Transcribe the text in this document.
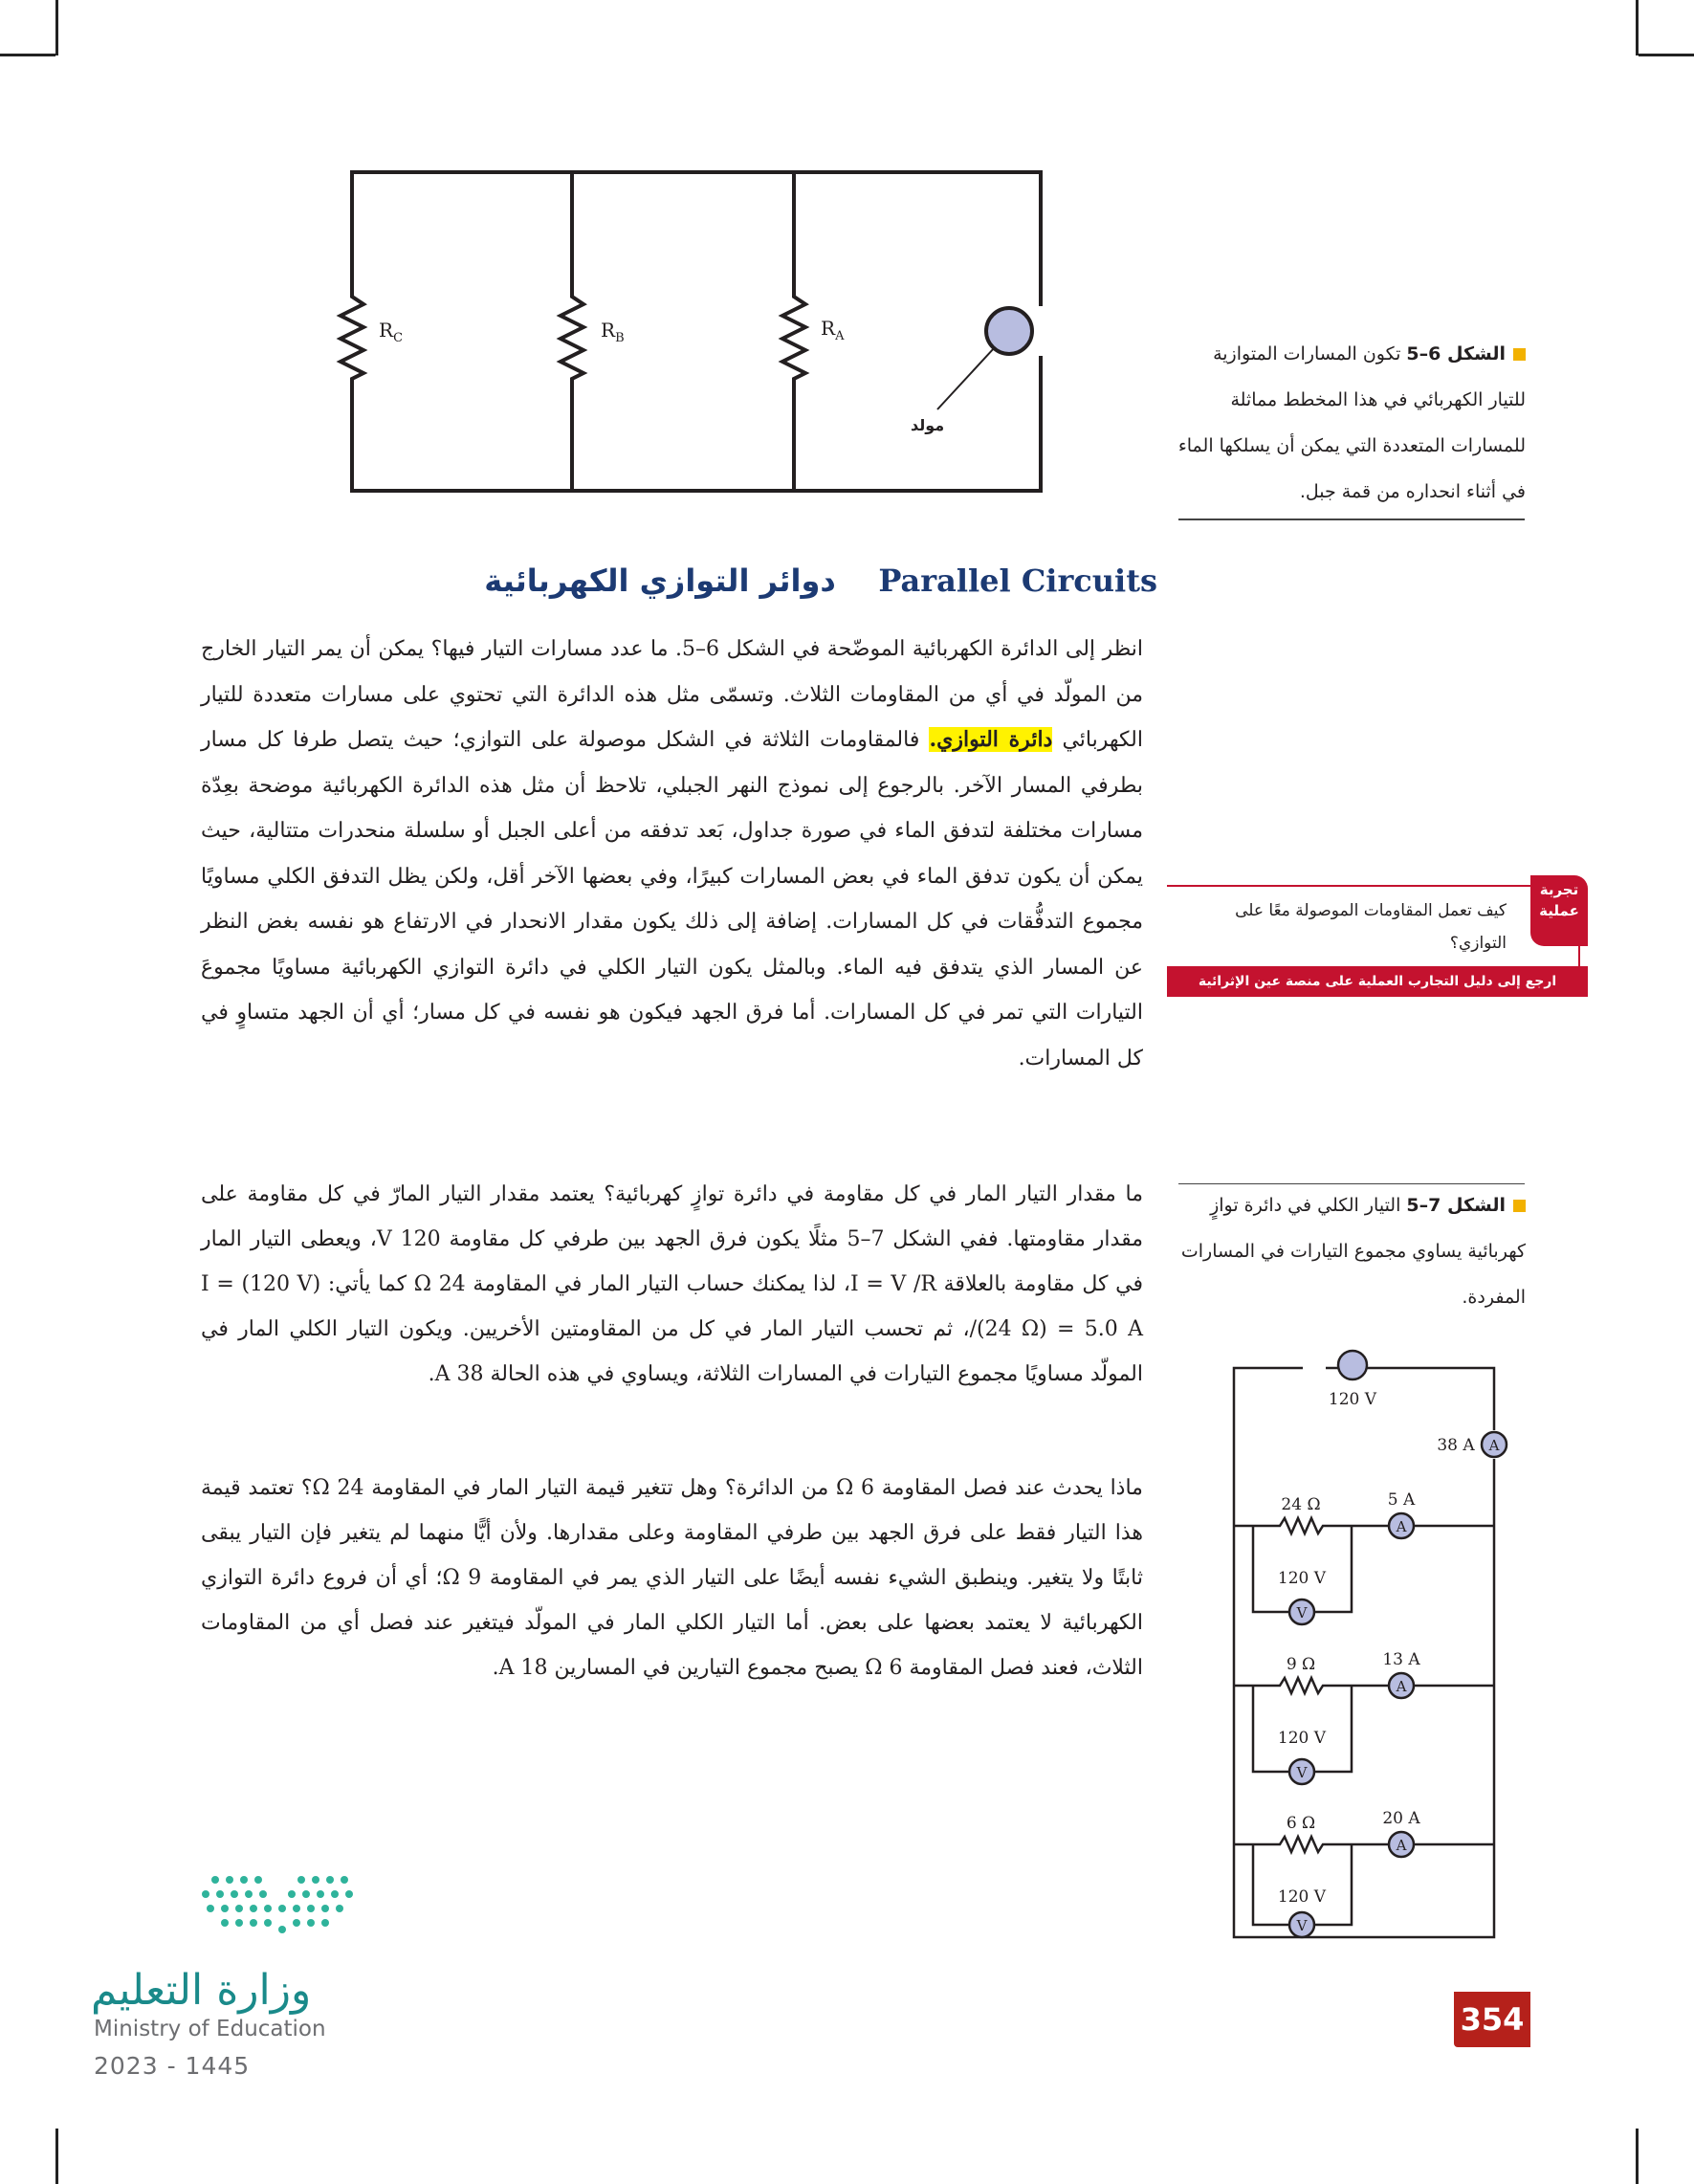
$R_C$	$R_B$	$R_A$
مولد
الشكل 6–5 تكون المسارات المتوازية للتيار الكهربائي في هذا المخطط مماثلة للمسارات المتعددة التي يمكن أن يسلكها الماء في أثناء انحداره من قمة جبل.
دوائر التوازي الكهربائية Parallel Circuits
انظر إلى الدائرة الكهربائية الموضّحة في الشكل 6–5. ما عدد مسارات التيار فيها؟ يمكن أن يمر التيار الخارج من المولّد في أي من المقاومات الثلاث. وتسمّى مثل هذه الدائرة التي تحتوي على مسارات متعددة للتيار الكهربائي دائرة التوازي. فالمقاومات الثلاثة في الشكل موصولة على التوازي؛ حيث يتصل طرفا كل مسار بطرفي المسار الآخر. بالرجوع إلى نموذج النهر الجبلي، تلاحظ أن مثل هذه الدائرة الكهربائية موضحة بعِدّة مسارات مختلفة لتدفق الماء في صورة جداول، بَعد تدفقه من أعلى الجبل أو سلسلة منحدرات متتالية، حيث يمكن أن يكون تدفق الماء في بعض المسارات كبيرًا، وفي بعضها الآخر أقل، ولكن يظل التدفق الكلي مساويًا مجموع التدفُّقات في كل المسارات. إضافة إلى ذلك يكون مقدار الانحدار في الارتفاع هو نفسه بغض النظر عن المسار الذي يتدفق فيه الماء. وبالمثل يكون التيار الكلي في دائرة التوازي الكهربائية مساويًا مجموعَ التيارات التي تمر في كل المسارات. أما فرق الجهد فيكون هو نفسه في كل مسار؛ أي أن الجهد متساوٍ في كل المسارات.
كيف تعمل المقاومات الموصولة معًا على التوازي؟
تجربة عملية
ارجع إلى دليل التجارب العملية على منصة عين الإثرائية
الشكل 7–5 التيار الكلي في دائرة توازٍ كهربائية يساوي مجموع التيارات في المسارات المفردة.
ما مقدار التيار المار في كل مقاومة في دائرة توازٍ كهربائية؟ يعتمد مقدار التيار المارّ في كل مقاومة على مقدار مقاومتها. ففي الشكل 7–5 مثلًا يكون فرق الجهد بين طرفي كل مقاومة 120 V، ويعطى التيار المار في كل مقاومة بالعلاقة I = V /R، لذا يمكنك حساب التيار المار في المقاومة 24 Ω كما يأتي: I = (120 V) /(24 Ω) = 5.0 A، ثم تحسب التيار المار في كل من المقاومتين الأخريين. ويكون التيار الكلي المار في المولّد مساويًا مجموع التيارات في المسارات الثلاثة، ويساوي في هذه الحالة 38 A.
ماذا يحدث عند فصل المقاومة 6 Ω من الدائرة؟ وهل تتغير قيمة التيار المار في المقاومة 24 Ω؟ تعتمد قيمة هذا التيار فقط على فرق الجهد بين طرفي المقاومة وعلى مقدارها. ولأن أيًّا منهما لم يتغير فإن التيار يبقى ثابتًا ولا يتغير. وينطبق الشيء نفسه أيضًا على التيار الذي يمر في المقاومة 9 Ω؛ أي أن فروع دائرة التوازي الكهربائية لا يعتمد بعضها على بعض. أما التيار الكلي المار في المولّد فيتغير عند فصل أي من المقاومات الثلاث، فعند فصل المقاومة 6 Ω يصبح مجموع التيارين في المسارين 18 A.
A
A
A
A
V
V
V
120 V
38 A
24 Ω	5 A
120 V
9 Ω	13 A
120 V
6 Ω	20 A
120 V
وزارة التعليم
Ministry of Education
2023 - 1445
354
